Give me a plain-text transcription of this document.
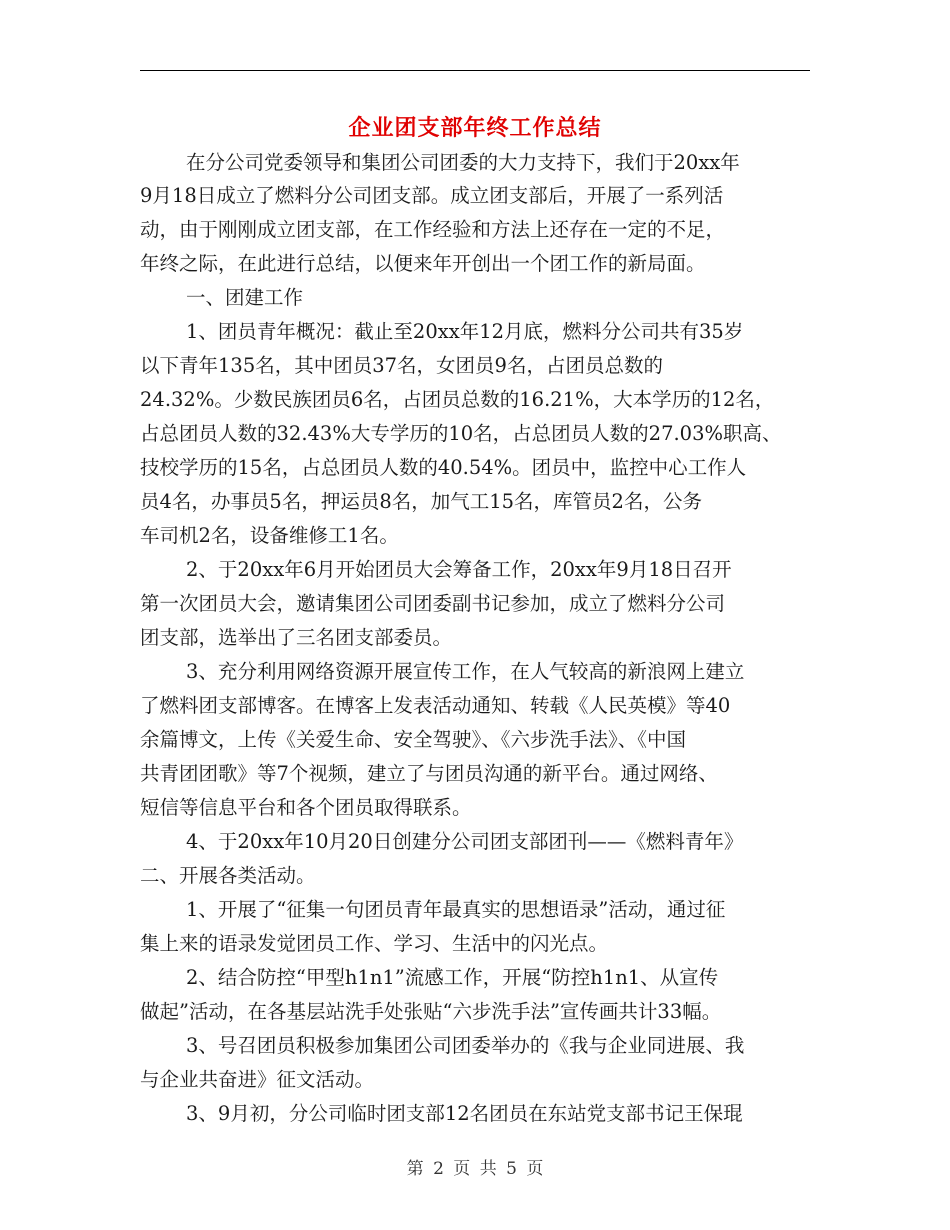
企业团支部年终工作总结
在分公司党委领导和集团公司团委的大力支持下，我们于20xx年
9月18日成立了燃料分公司团支部。成立团支部后，开展了一系列活
动，由于刚刚成立团支部，在工作经验和方法上还存在一定的不足，
年终之际，在此进行总结，以便来年开创出一个团工作的新局面。
一、团建工作
1、团员青年概况：截止至20xx年12月底，燃料分公司共有35岁
以下青年135名，其中团员37名，女团员9名，占团员总数的
24.32%。少数民族团员6名，占团员总数的16.21%，大本学历的12名，
占总团员人数的32.43%大专学历的10名，占总团员人数的27.03%职高、
技校学历的15名，占总团员人数的40.54%。团员中，监控中心工作人
员4名，办事员5名，押运员8名，加气工15名，库管员2名，公务
车司机2名，设备维修工1名。
2、于20xx年6月开始团员大会筹备工作，20xx年9月18日召开
第一次团员大会，邀请集团公司团委副书记参加，成立了燃料分公司
团支部，选举出了三名团支部委员。
3、充分利用网络资源开展宣传工作，在人气较高的新浪网上建立
了燃料团支部博客。在博客上发表活动通知、转载《人民英模》等40
余篇博文，上传《关爱生命、安全驾驶》、《六步洗手法》、《中国
共青团团歌》等7个视频，建立了与团员沟通的新平台。通过网络、
短信等信息平台和各个团员取得联系。
4、于20xx年10月20日创建分公司团支部团刊——《燃料青年》
二、开展各类活动。
1、开展了“征集一句团员青年最真实的思想语录”活动，通过征
集上来的语录发觉团员工作、学习、生活中的闪光点。
2、结合防控“甲型h1n1”流感工作，开展“防控h1n1、从宣传
做起”活动，在各基层站洗手处张贴“六步洗手法”宣传画共计33幅。
3、号召团员积极参加集团公司团委举办的《我与企业同进展、我
与企业共奋进》征文活动。
3、9月初，分公司临时团支部12名团员在东站党支部书记王保琨
第 2 页 共 5 页
